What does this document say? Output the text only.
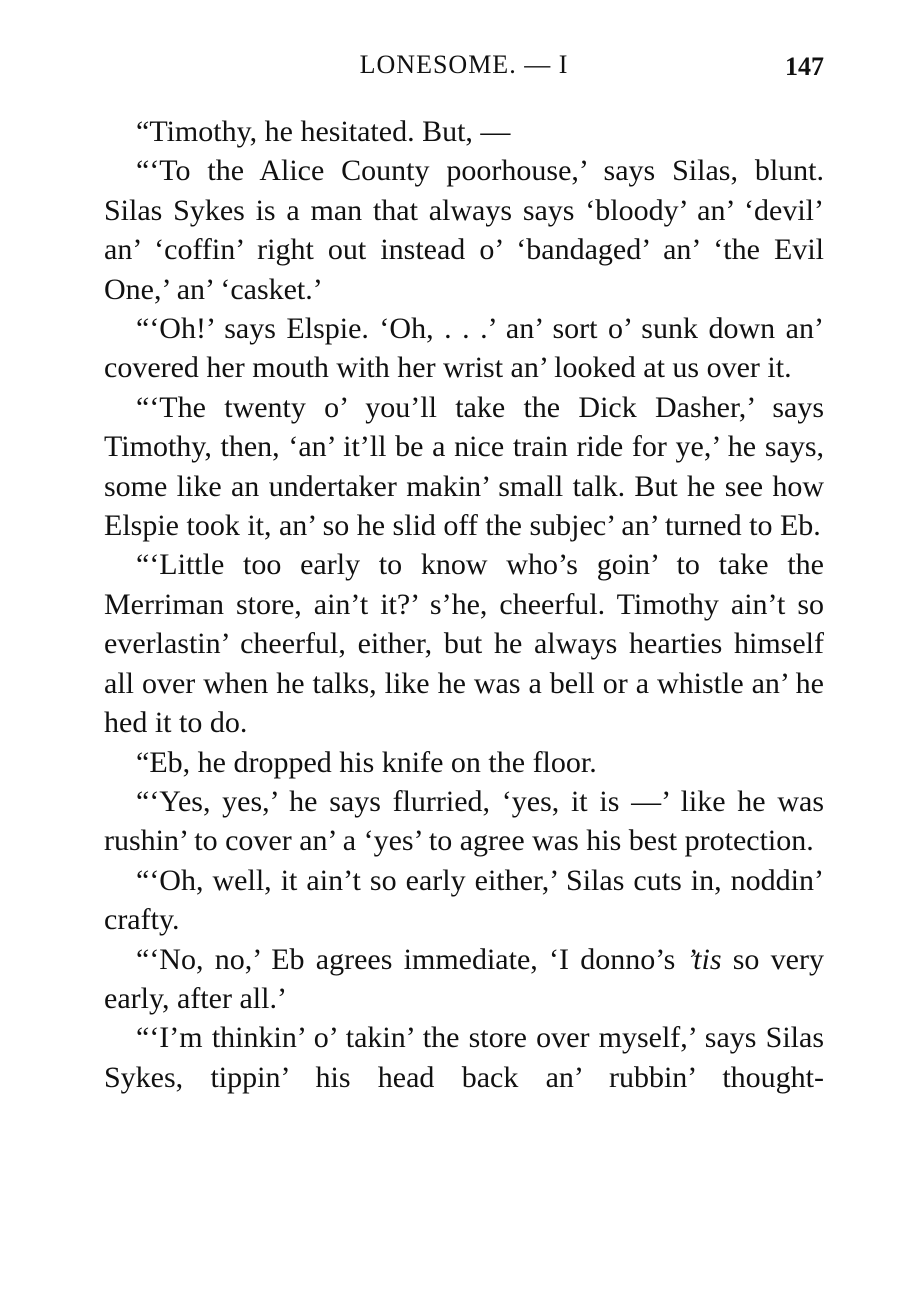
LONESOME. — I	147

“Timothy, he hesitated. But, —

“‘To the Alice County poorhouse,’ says Silas, blunt. Silas Sykes is a man that always says ‘bloody’ an’ ‘devil’ an’ ‘coffin’ right out instead o’ ‘bandaged’ an’ ‘the Evil One,’ an’ ‘casket.’

“‘Oh!’ says Elspie. ‘Oh, . . .’ an’ sort o’ sunk down an’ covered her mouth with her wrist an’ looked at us over it.

“‘The twenty o’ you’ll take the Dick Dasher,’ says Timothy, then, ‘an’ it’ll be a nice train ride for ye,’ he says, some like an undertaker makin’ small talk. But he see how Elspie took it, an’ so he slid off the subjec’ an’ turned to Eb.

“‘Little too early to know who’s goin’ to take the Merriman store, ain’t it?’ s’he, cheerful. Timothy ain’t so everlastin’ cheerful, either, but he always hearties himself all over when he talks, like he was a bell or a whistle an’ he hed it to do.

“Eb, he dropped his knife on the floor.

“‘Yes, yes,’ he says flurried, ‘yes, it is —’ like he was rushin’ to cover an’ a ‘yes’ to agree was his best protection.

“‘Oh, well, it ain’t so early either,’ Silas cuts in, noddin’ crafty.

“‘No, no,’ Eb agrees immediate, ‘I donno’s ’tis so very early, after all.’

“‘I’m thinkin’ o’ takin’ the store over myself,’ says Silas Sykes, tippin’ his head back an’ rubbin’ thought-
